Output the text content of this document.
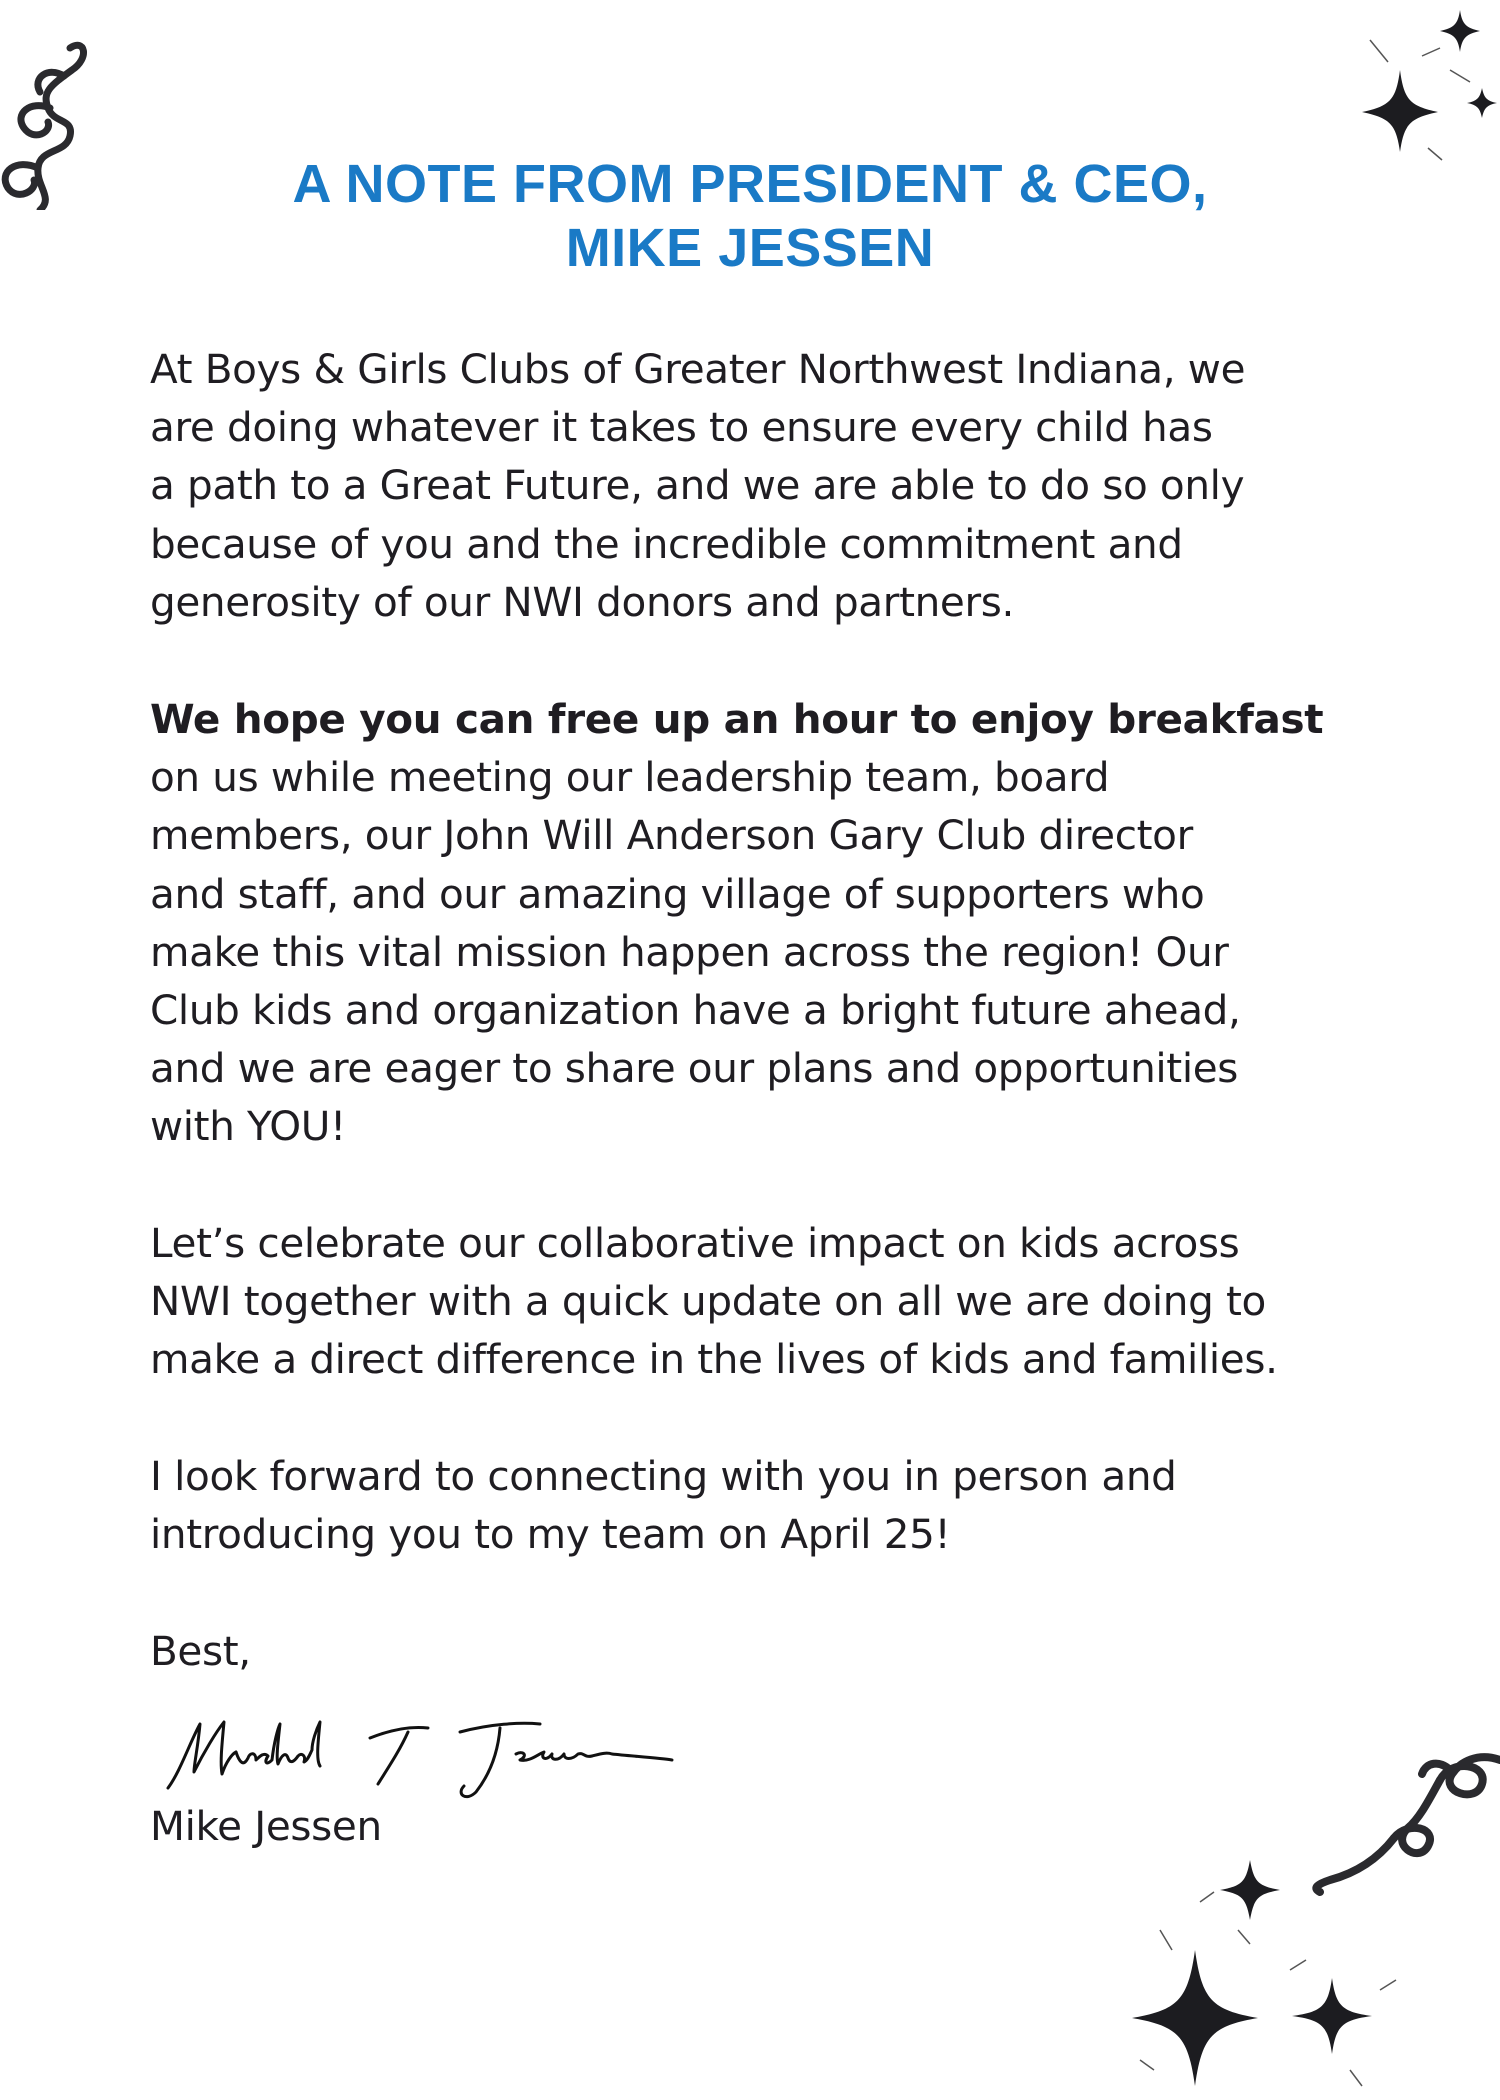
A NOTE FROM PRESIDENT & CEO,
MIKE JESSEN
At Boys & Girls Clubs of Greater Northwest Indiana, we
are doing whatever it takes to ensure every child has
a path to a Great Future, and we are able to do so only
because of you and the incredible commitment and
generosity of our NWI donors and partners.
We hope you can free up an hour to enjoy breakfast
on us while meeting our leadership team, board
members, our John Will Anderson Gary Club director
and staff, and our amazing village of supporters who
make this vital mission happen across the region! Our
Club kids and organization have a bright future ahead,
and we are eager to share our plans and opportunities
with YOU!
Let’s celebrate our collaborative impact on kids across
NWI together with a quick update on all we are doing to
make a direct difference in the lives of kids and families.
I look forward to connecting with you in person and
introducing you to my team on April 25!
Best,
Mike Jessen
